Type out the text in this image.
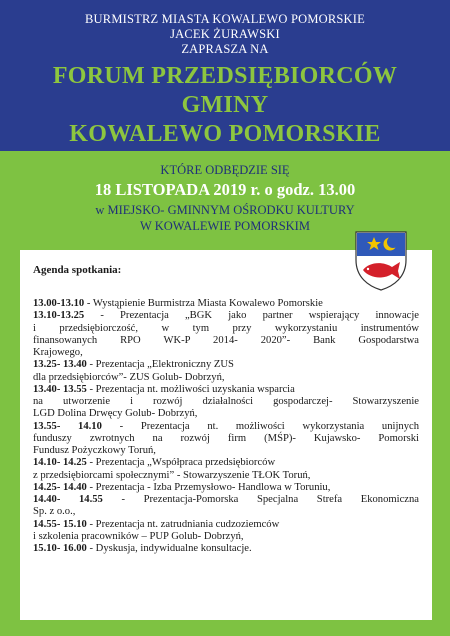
BURMISTRZ MIASTA KOWALEWO POMORSKIE
JACEK ŻURAWSKI
ZAPRASZA NA
FORUM PRZEDSIĘBIORCÓW
GMINY
KOWALEWO POMORSKIE
KTÓRE ODBĘDZIE SIĘ
18 LISTOPADA 2019 r. o godz. 13.00
w MIEJSKO- GMINNYM OŚRODKU KULTURY
W KOWALEWIE POMORSKIM
Agenda spotkania:
13.00-13.10 - Wystąpienie Burmistrza Miasta Kowalewo Pomorskie
13.10-13.25 - Prezentacja „BGK jako partner wspierający innowacje
i przedsiębiorczość, w tym przy wykorzystaniu instrumentów
finansowanych RPO WK-P 2014- 2020”- Bank Gospodarstwa
Krajowego,
13.25- 13.40 - Prezentacja „Elektroniczny ZUS
dla przedsiębiorców”- ZUS Golub- Dobrzyń,
13.40- 13.55 - Prezentacja nt. możliwości uzyskania wsparcia
na utworzenie i rozwój działalności gospodarczej- Stowarzyszenie
LGD Dolina Drwęcy Golub- Dobrzyń,
13.55- 14.10 - Prezentacja nt. możliwości wykorzystania unijnych
funduszy zwrotnych na rozwój firm (MŚP)- Kujawsko- Pomorski
Fundusz Pożyczkowy Toruń,
14.10- 14.25 - Prezentacja „Współpraca przedsiębiorców
z przedsiębiorcami społecznymi” - Stowarzyszenie TŁOK Toruń,
14.25- 14.40 - Prezentacja - Izba Przemysłowo- Handlowa w Toruniu,
14.40- 14.55 - Prezentacja-Pomorska Specjalna Strefa Ekonomiczna
Sp. z o.o.,
14.55- 15.10 - Prezentacja nt. zatrudniania cudzoziemców
i szkolenia pracowników – PUP Golub- Dobrzyń,
15.10- 16.00 - Dyskusja, indywidualne konsultacje.
